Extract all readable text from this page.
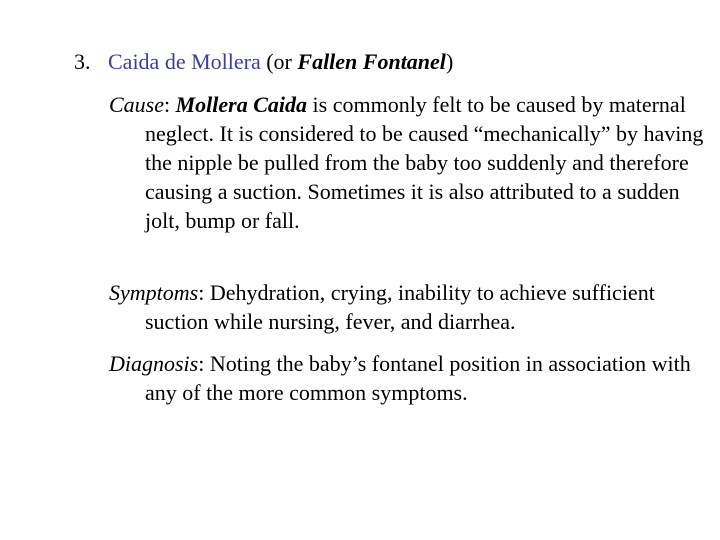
3. Caida de Mollera (or Fallen Fontanel)
Cause: Mollera Caida is commonly felt to be caused by maternal neglect. It is considered to be caused “mechanically” by having the nipple be pulled from the baby too suddenly and therefore causing a suction. Sometimes it is also attributed to a sudden jolt, bump or fall.
Symptoms: Dehydration, crying, inability to achieve sufficient suction while nursing, fever, and diarrhea.
Diagnosis: Noting the baby’s fontanel position in association with any of the more common symptoms.
